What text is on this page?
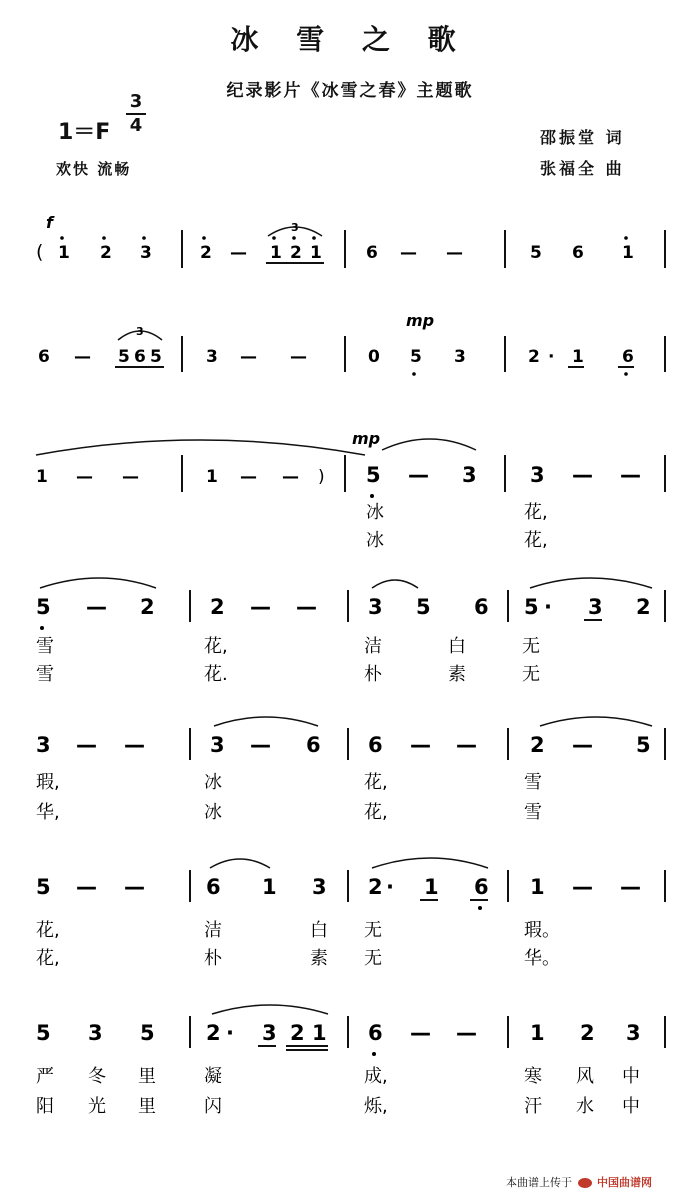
冰 雪 之 歌
纪录影片《冰雪之春》主题歌
1＝F
3
4
欢快 流畅
邵振堂 词
张福全 曲
f
mp
mp
( 1 2 3	2 — 1 2 1
3
6 — —	5 6 1
6 — 5 6 5
3
3 — —	0 5 3	2 · 1 6
1 — —	1 — — ) 5 — 3	3 — —
冰	花,
冰	花,
5 — 2	2 — — 3 5 6 5 · 3 2
雪	花,	洁	白	无
雪	花.	朴	素	无
3 — —	3 — 6 6 — —	2 — 5
瑕,	冰	花,	雪
华,	冰	花,	雪
5 — —	6 1 3 2 · 1 6 1 — —
花,	洁	白 无	瑕。
花,	朴	素 无	华。
5 3 5 2 · 3 2 1 6 — —	1 2 3
严 冬 里	凝	成,	寒 风 中
阳 光 里	闪	烁,	汗 水 中
本曲谱上传于 中国曲谱网
